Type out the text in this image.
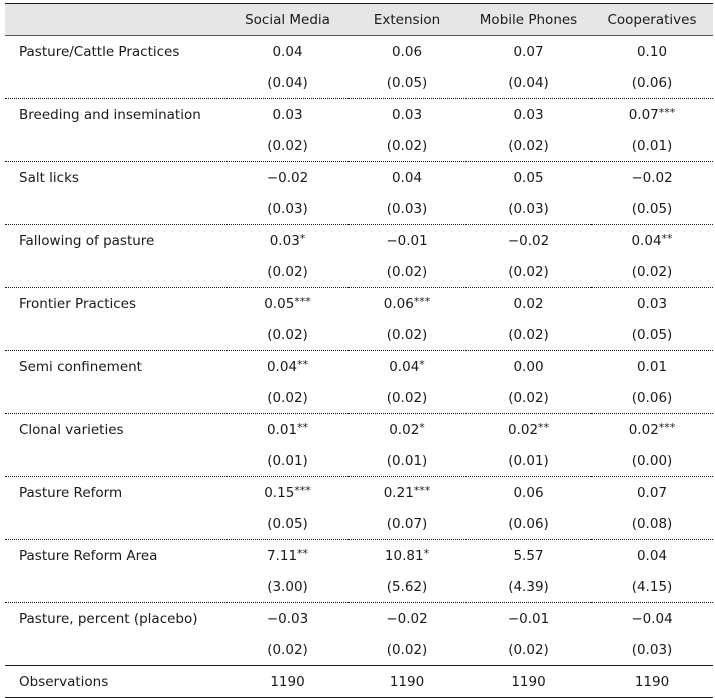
	Social Media	Extension	Mobile Phones	Cooperatives
Pasture/Cattle Practices	0.04	0.06	0.07	0.10
	(0.04)	(0.05)	(0.04)	(0.06)
Breeding and insemination	0.03	0.03	0.03	0.07***
	(0.02)	(0.02)	(0.02)	(0.01)
Salt licks	−0.02	0.04	0.05	−0.02
	(0.03)	(0.03)	(0.03)	(0.05)
Fallowing of pasture	0.03*	−0.01	−0.02	0.04**
	(0.02)	(0.02)	(0.02)	(0.02)
Frontier Practices	0.05***	0.06***	0.02	0.03
	(0.02)	(0.02)	(0.02)	(0.05)
Semi confinement	0.04**	0.04*	0.00	0.01
	(0.02)	(0.02)	(0.02)	(0.06)
Clonal varieties	0.01**	0.02*	0.02**	0.02***
	(0.01)	(0.01)	(0.01)	(0.00)
Pasture Reform	0.15***	0.21***	0.06	0.07
	(0.05)	(0.07)	(0.06)	(0.08)
Pasture Reform Area	7.11**	10.81*	5.57	0.04
	(3.00)	(5.62)	(4.39)	(4.15)
Pasture, percent (placebo)	−0.03	−0.02	−0.01	−0.04
	(0.02)	(0.02)	(0.02)	(0.03)
Observations	1190	1190	1190	1190
